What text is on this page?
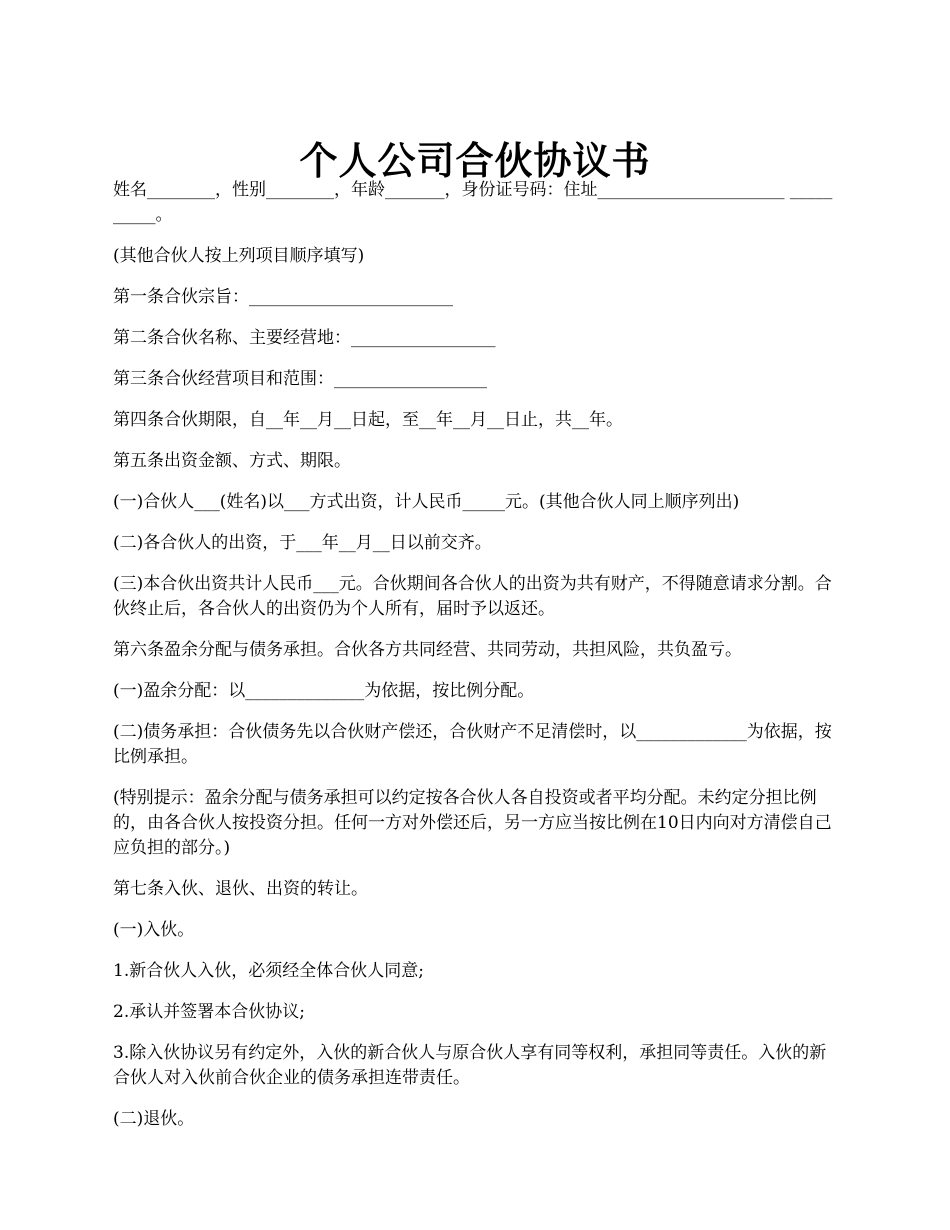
个人公司合伙协议书

姓名________，性别________，年龄_______，身份证号码：住址______________________ __________。

(其他合伙人按上列项目顺序填写)

第一条合伙宗旨：________________________

第二条合伙名称、主要经营地：_________________

第三条合伙经营项目和范围：__________________

第四条合伙期限，自__年__月__日起，至__年__月__日止，共__年。

第五条出资金额、方式、期限。

(一)合伙人___(姓名)以___方式出资，计人民币_____元。(其他合伙人同上顺序列出)

(二)各合伙人的出资，于___年__月__日以前交齐。

(三)本合伙出资共计人民币___元。合伙期间各合伙人的出资为共有财产，不得随意请求分割。合伙终止后，各合伙人的出资仍为个人所有，届时予以返还。

第六条盈余分配与债务承担。合伙各方共同经营、共同劳动，共担风险，共负盈亏。

(一)盈余分配：以______________为依据，按比例分配。

(二)债务承担：合伙债务先以合伙财产偿还，合伙财产不足清偿时，以_____________为依据，按比例承担。

(特别提示：盈余分配与债务承担可以约定按各合伙人各自投资或者平均分配。未约定分担比例的，由各合伙人按投资分担。任何一方对外偿还后，另一方应当按比例在10日内向对方清偿自己应负担的部分。)

第七条入伙、退伙、出资的转让。

(一)入伙。

1.新合伙人入伙，必须经全体合伙人同意;

2.承认并签署本合伙协议;

3.除入伙协议另有约定外，入伙的新合伙人与原合伙人享有同等权利，承担同等责任。入伙的新合伙人对入伙前合伙企业的债务承担连带责任。

(二)退伙。
